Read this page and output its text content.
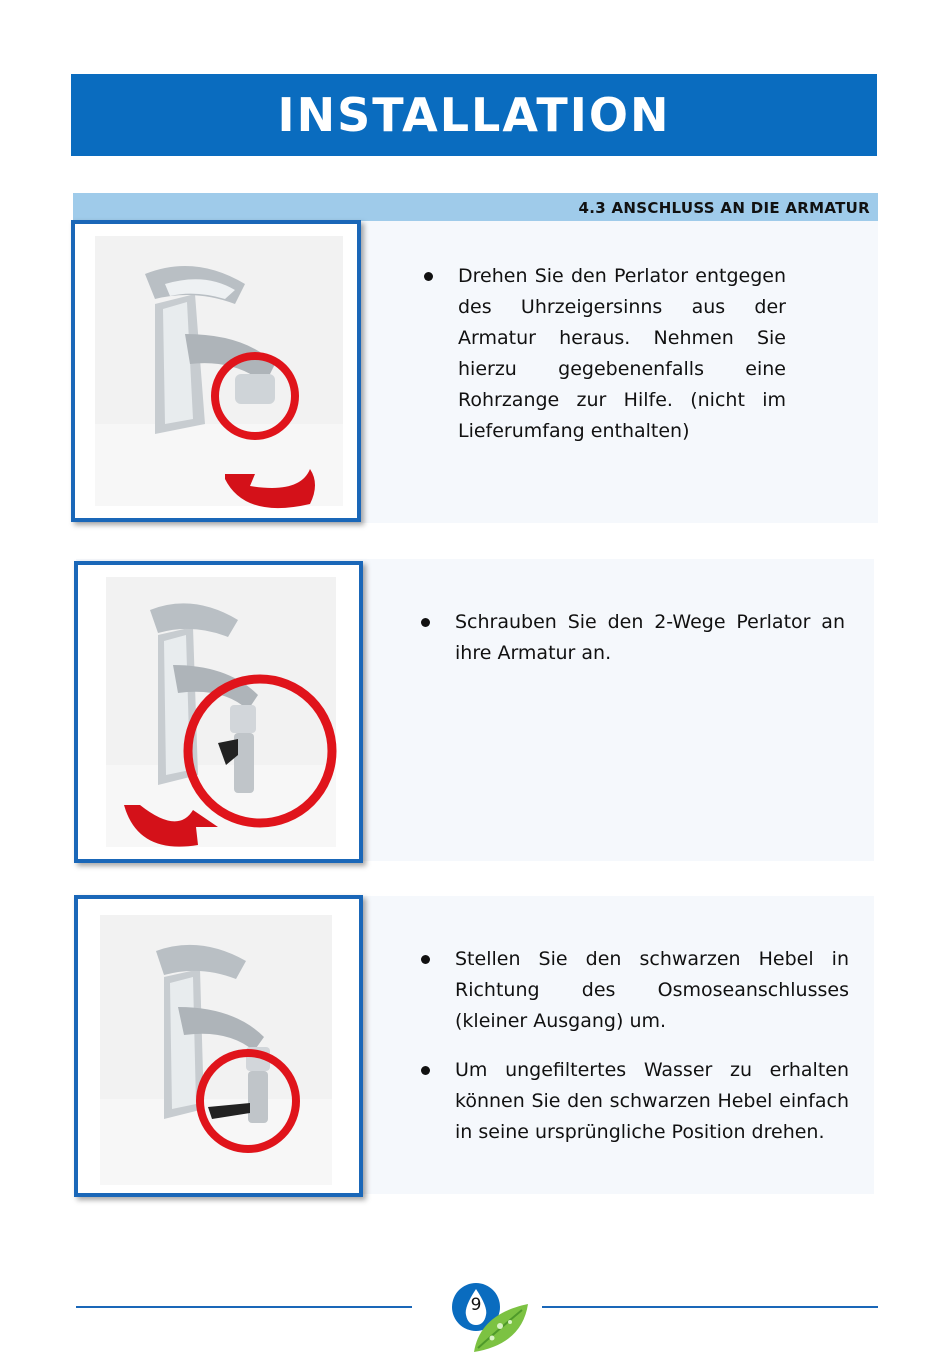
INSTALLATION
4.3 ANSCHLUSS AN DIE ARMATUR
Drehen Sie den Perlator entgegen des Uhrzeigersinns aus der Armatur heraus. Nehmen Sie hierzu gegebenenfalls eine Rohrzange zur Hilfe. (nicht im Lieferumfang enthalten)
Schrauben Sie den 2-Wege Perlator an ihre Armatur an.
Stellen Sie den schwarzen Hebel in Richtung des Osmoseanschlusses (kleiner Ausgang) um.
Um ungefiltertes Wasser zu erhalten können Sie den schwarzen Hebel einfach in seine ursprüngliche Position drehen.
9
